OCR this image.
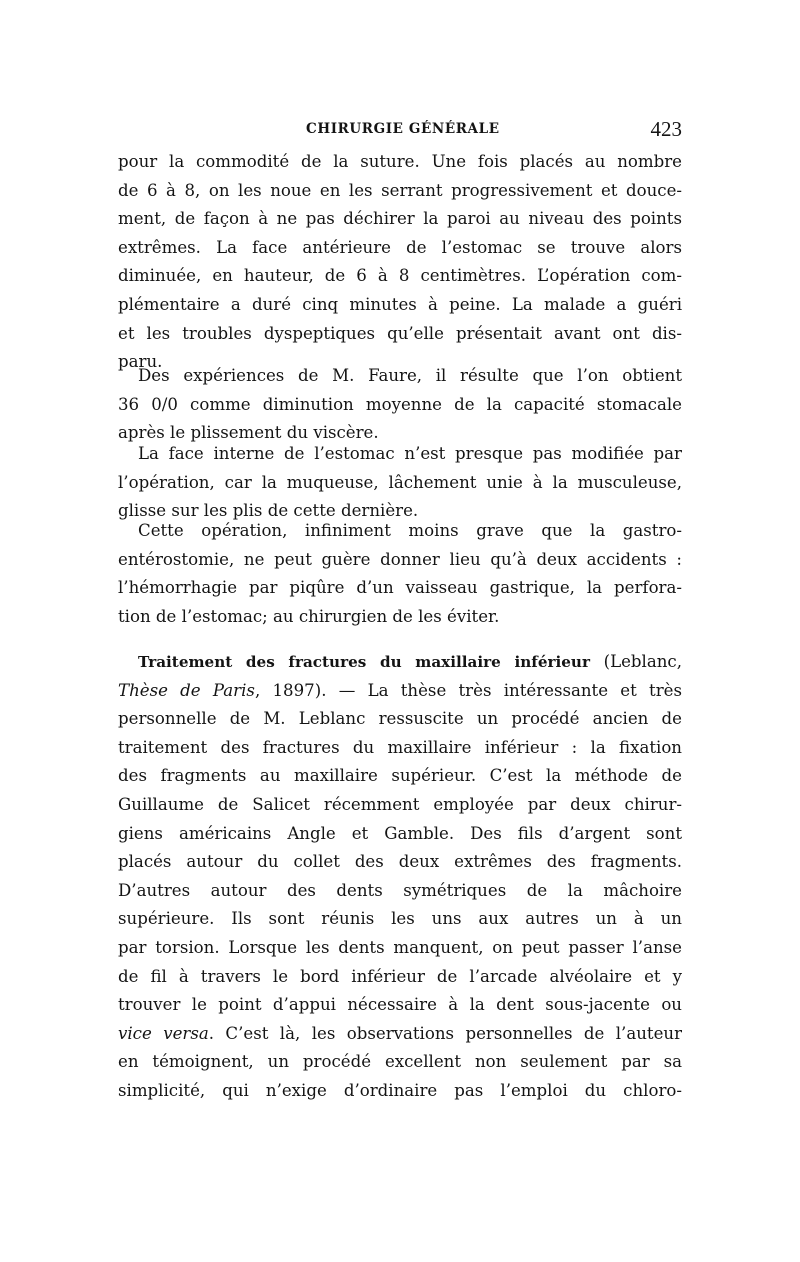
CHIRURGIE GÉNÉRALE	423
pour la commodité de la suture. Une fois placés au nombre
de 6 à 8, on les noue en les serrant progressivement et douce-
ment, de façon à ne pas déchirer la paroi au niveau des points
extrêmes. La face antérieure de l’estomac se trouve alors
diminuée, en hauteur, de 6 à 8 centimètres. L’opération com-
plémentaire a duré cinq minutes à peine. La malade a guéri
et les troubles dyspeptiques qu’elle présentait avant ont dis-
paru.
Des expériences de M. Faure, il résulte que l’on obtient
36 0/0 comme diminution moyenne de la capacité stomacale
après le plissement du viscère.
La face interne de l’estomac n’est presque pas modifiée par
l’opération, car la muqueuse, lâchement unie à la musculeuse,
glisse sur les plis de cette dernière.
Cette opération, infiniment moins grave que la gastro-
entérostomie, ne peut guère donner lieu qu’à deux accidents :
l’hémorrhagie par piqûre d’un vaisseau gastrique, la perfora-
tion de l’estomac; au chirurgien de les éviter.
Traitement des fractures du maxillaire inférieur (Leblanc,
Thèse de Paris, 1897). — La thèse très intéressante et très
personnelle de M. Leblanc ressuscite un procédé ancien de
traitement des fractures du maxillaire inférieur : la fixation
des fragments au maxillaire supérieur. C’est la méthode de
Guillaume de Salicet récemment employée par deux chirur-
giens américains Angle et Gamble. Des fils d’argent sont
placés autour du collet des deux extrêmes des fragments.
D’autres autour des dents symétriques de la mâchoire
supérieure. Ils sont réunis les uns aux autres un à un
par torsion. Lorsque les dents manquent, on peut passer l’anse
de fil à travers le bord inférieur de l’arcade alvéolaire et y
trouver le point d’appui nécessaire à la dent sous-jacente ou
vice versa. C’est là, les observations personnelles de l’auteur
en témoignent, un procédé excellent non seulement par sa
simplicité, qui n’exige d’ordinaire pas l’emploi du chloro-
